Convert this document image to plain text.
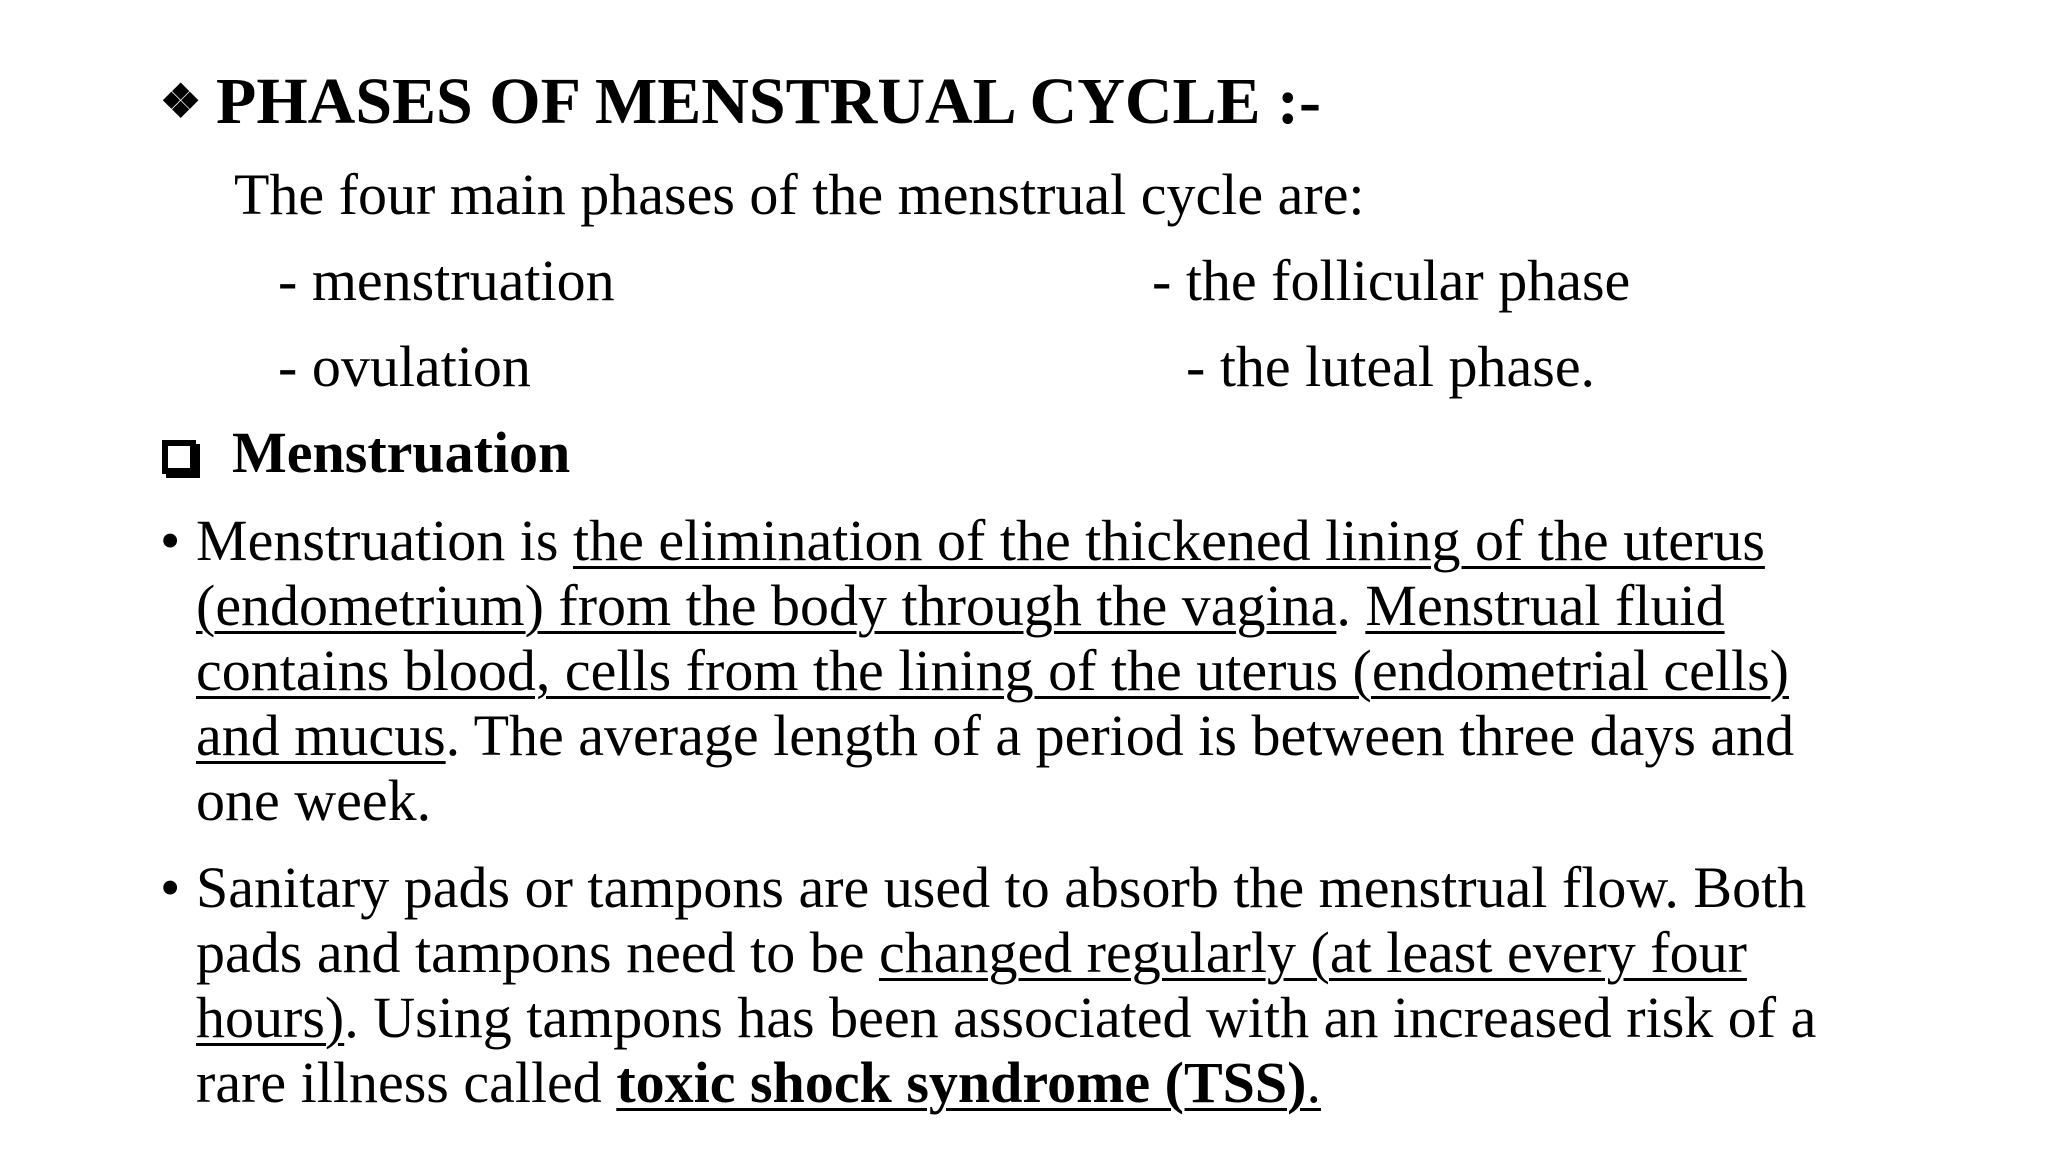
❖ PHASES OF MENSTRUAL CYCLE :-
The four main phases of the menstrual cycle are:
- menstruation	- the follicular phase
- ovulation	- the luteal phase.
Menstruation
• Menstruation is the elimination of the thickened lining of the uterus
(endometrium) from the body through the vagina. Menstrual fluid
contains blood, cells from the lining of the uterus (endometrial cells)
and mucus. The average length of a period is between three days and
one week.
• Sanitary pads or tampons are used to absorb the menstrual flow. Both
pads and tampons need to be changed regularly (at least every four
hours). Using tampons has been associated with an increased risk of a
rare illness called toxic shock syndrome (TSS).
